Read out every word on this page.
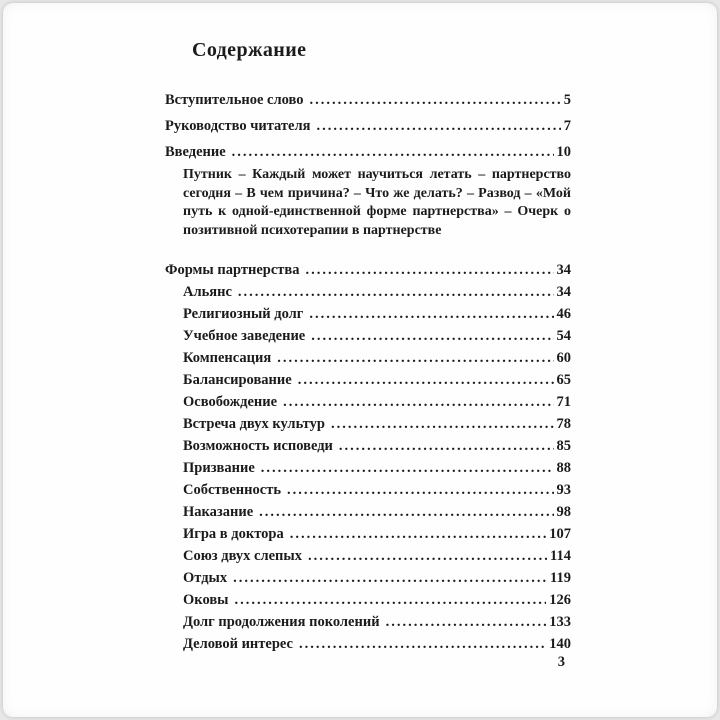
Содержание
Вступительное слово .....	5
Руководство читателя .....	7
Введение .....	10
Путник – Каждый может научиться летать – партнерство сегодня – В чем причина? – Что же делать? – Развод – «Мой путь к одной-единственной форме партнерства» – Очерк о позитивной психотерапии в партнерстве
Формы партнерства .....	34
Альянс .....	34
Религиозный долг .....	46
Учебное заведение .....	54
Компенсация .....	60
Балансирование .....	65
Освобождение .....	71
Встреча двух культур .....	78
Возможность исповеди .....	85
Призвание .....	88
Собственность .....	93
Наказание .....	98
Игра в доктора .....	107
Союз двух слепых .....	114
Отдых .....	119
Оковы .....	126
Долг продолжения поколений .....	133
Деловой интерес .....	140
3
